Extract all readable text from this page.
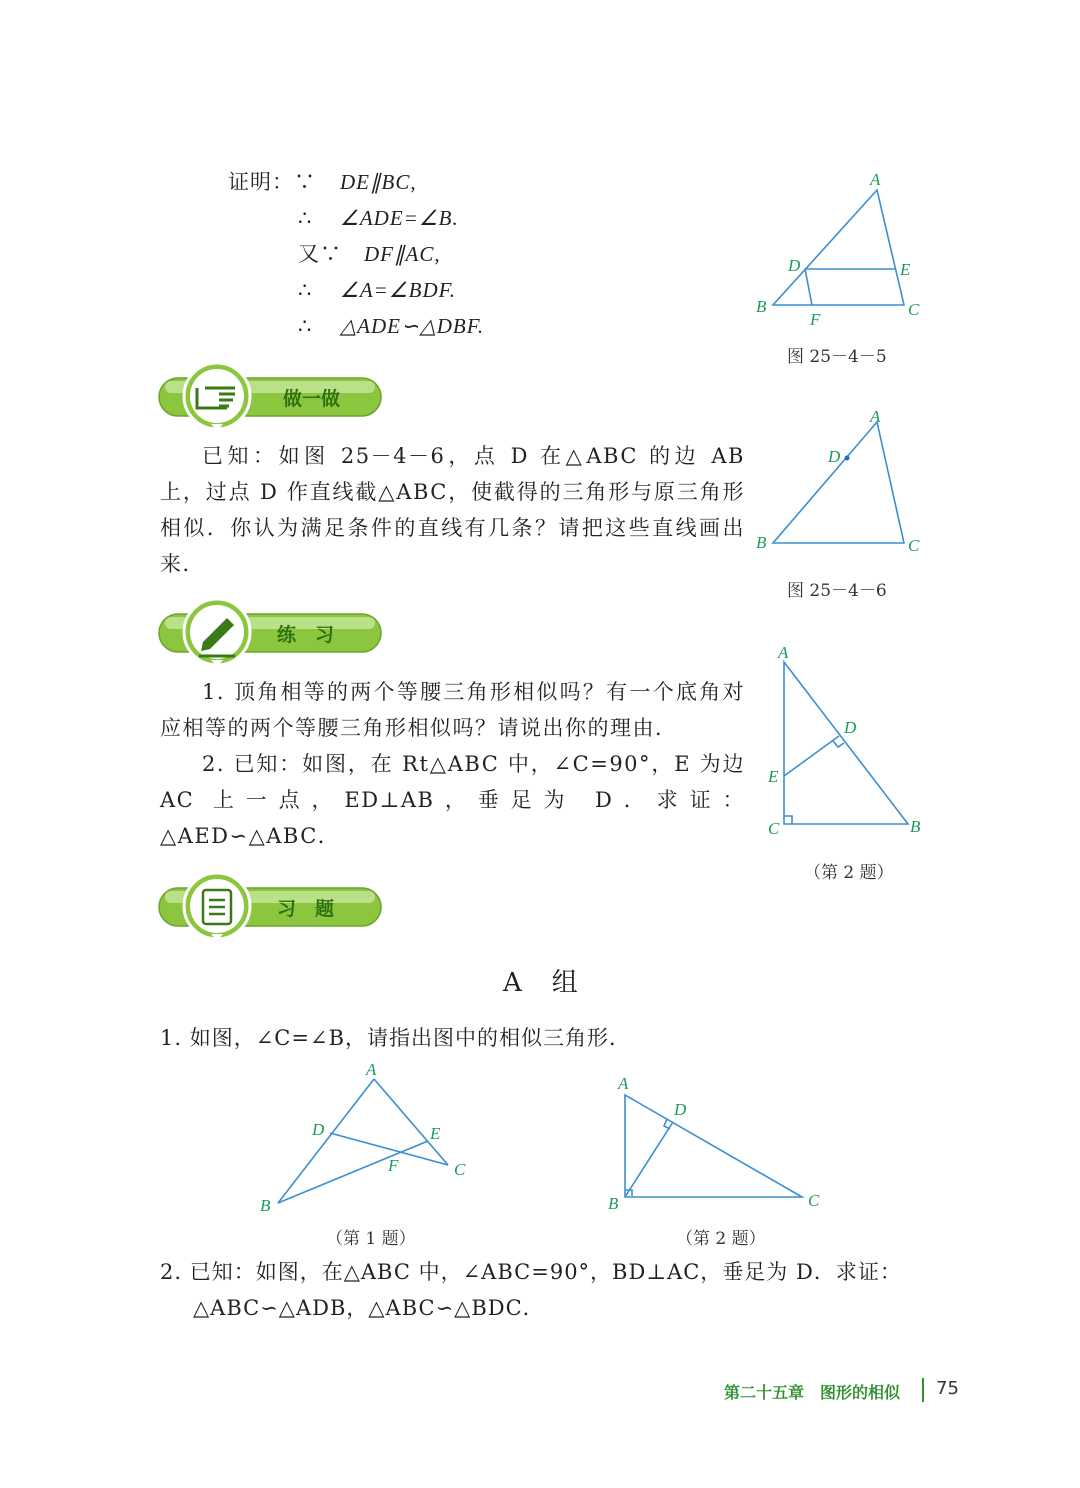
证明：∵ DE∥BC,
∴ ∠ADE=∠B.
又∵ DF∥AC,
∴ ∠A=∠BDF.
∴ △ADE∽△DBF.
A
B	C
D	E
F
图 25－4－5
做一做
A
B	C
D
图 25－4－6
已知：如图 25－4－6，点 D 在△ABC 的边 AB 上，过点 D 作直线截△ABC，使截得的三角形与原三角形相似．你认为满足条件的直线有几条？请把这些直线画出来．
练　习
A
D
E
C	B
（第 2 题）
1. 顶角相等的两个等腰三角形相似吗？有一个底角对应相等的两个等腰三角形相似吗？请说出你的理由．
2. 已知：如图，在 Rt△ABC 中，∠C=90°，E 为边 AC 上一点，ED⊥AB，垂足为 D．求证：△AED∽△ABC．
习　题
A　组
1. 如图，∠C=∠B，请指出图中的相似三角形．
A
D	E
F	C
B
（第 1 题）
A
D
B	C
（第 2 题）
2. 已知：如图，在△ABC 中，∠ABC=90°，BD⊥AC，垂足为 D．求证：
△ABC∽△ADB，△ABC∽△BDC．
第二十五章　图形的相似 75
